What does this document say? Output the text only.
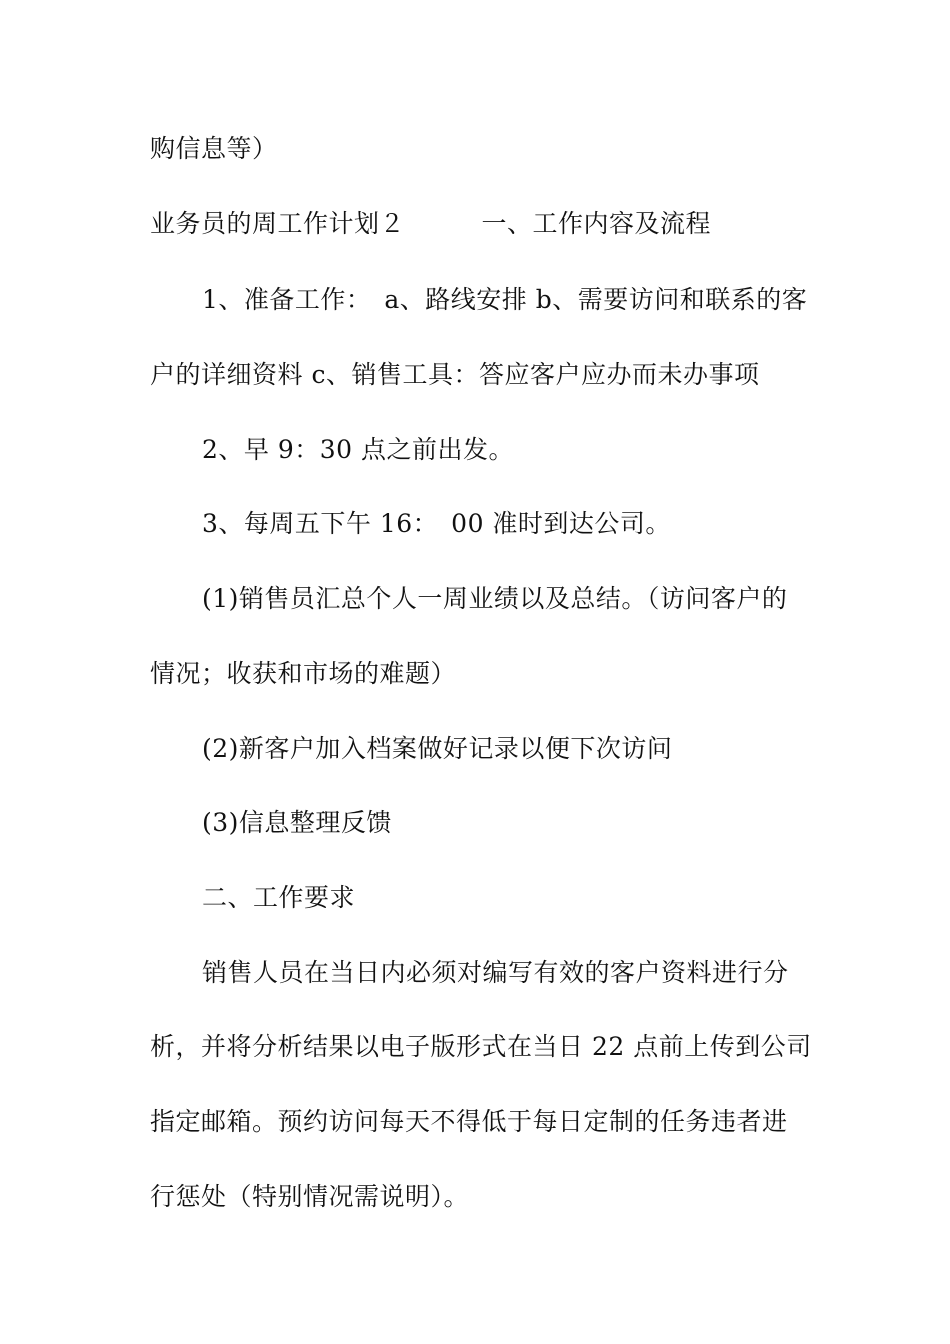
购信息等）
业务员的周工作计划２　　　一、工作内容及流程
1、准备工作：　a、路线安排 b、需要访问和联系的客
户的详细资料 c、销售工具：答应客户应办而未办事项
2、早 9：30 点之前出发。
3、每周五下午 16：　00 准时到达公司。
(1)销售员汇总个人一周业绩以及总结。（访问客户的
情况；收获和市场的难题）
(2)新客户加入档案做好记录以便下次访问
(3)信息整理反馈
二、工作要求
销售人员在当日内必须对编写有效的客户资料进行分
析，并将分析结果以电子版形式在当日 22 点前上传到公司
指定邮箱。预约访问每天不得低于每日定制的任务违者进
行惩处（特别情况需说明）。
